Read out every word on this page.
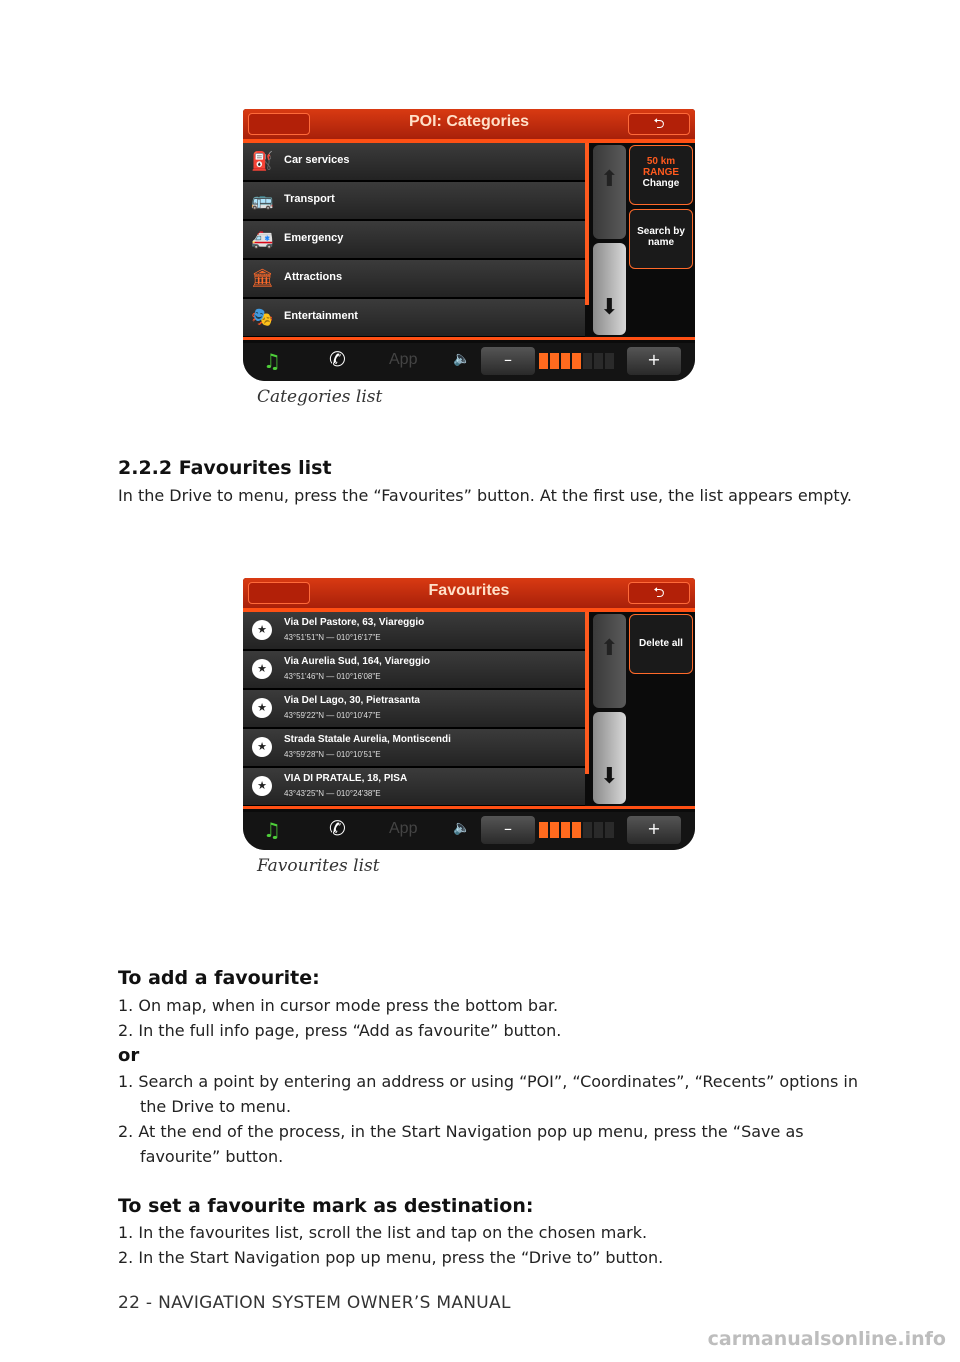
POI: Categories	⮌
⛽ Car services
🚌 Transport
🚑 Emergency
🏛 Attractions
🎭 Entertainment
⬆
⬇
50 km
RANGE
Change
Search by name
♫ ✆	App	🔈	–	+
Categories list
2.2.2 Favourites list
In the Drive to menu, press the “Favourites” button. At the first use, the list appears empty.
Favourites	⮌
★
Via Del Pastore, 63, Viareggio
43°51'51"N — 010°16'17"E
★
Via Aurelia Sud, 164, Viareggio
43°51'46"N — 010°16'08"E
★
Via Del Lago, 30, Pietrasanta
43°59'22"N — 010°10'47"E
★
Strada Statale Aurelia, Montiscendi
43°59'28"N — 010°10'51"E
★
VIA DI PRATALE, 18, PISA
43°43'25"N — 010°24'38"E
⬆
⬇
Delete all
♫ ✆	App	🔈	–	+
Favourites list
To add a favourite:
1. On map, when in cursor mode press the bottom bar.
2. In the full info page, press “Add as favourite” button.
or
1. Search a point by entering an address or using “POI”, “Coordinates”, “Recents” options in the Drive to menu.
2. At the end of the process, in the Start Navigation pop up menu, press the “Save as favourite” button.
To set a favourite mark as destination:
1. In the favourites list, scroll the list and tap on the chosen mark.
2. In the Start Navigation pop up menu, press the “Drive to” button.
22 - NAVIGATION SYSTEM OWNER’S MANUAL
carmanualsonline.info
